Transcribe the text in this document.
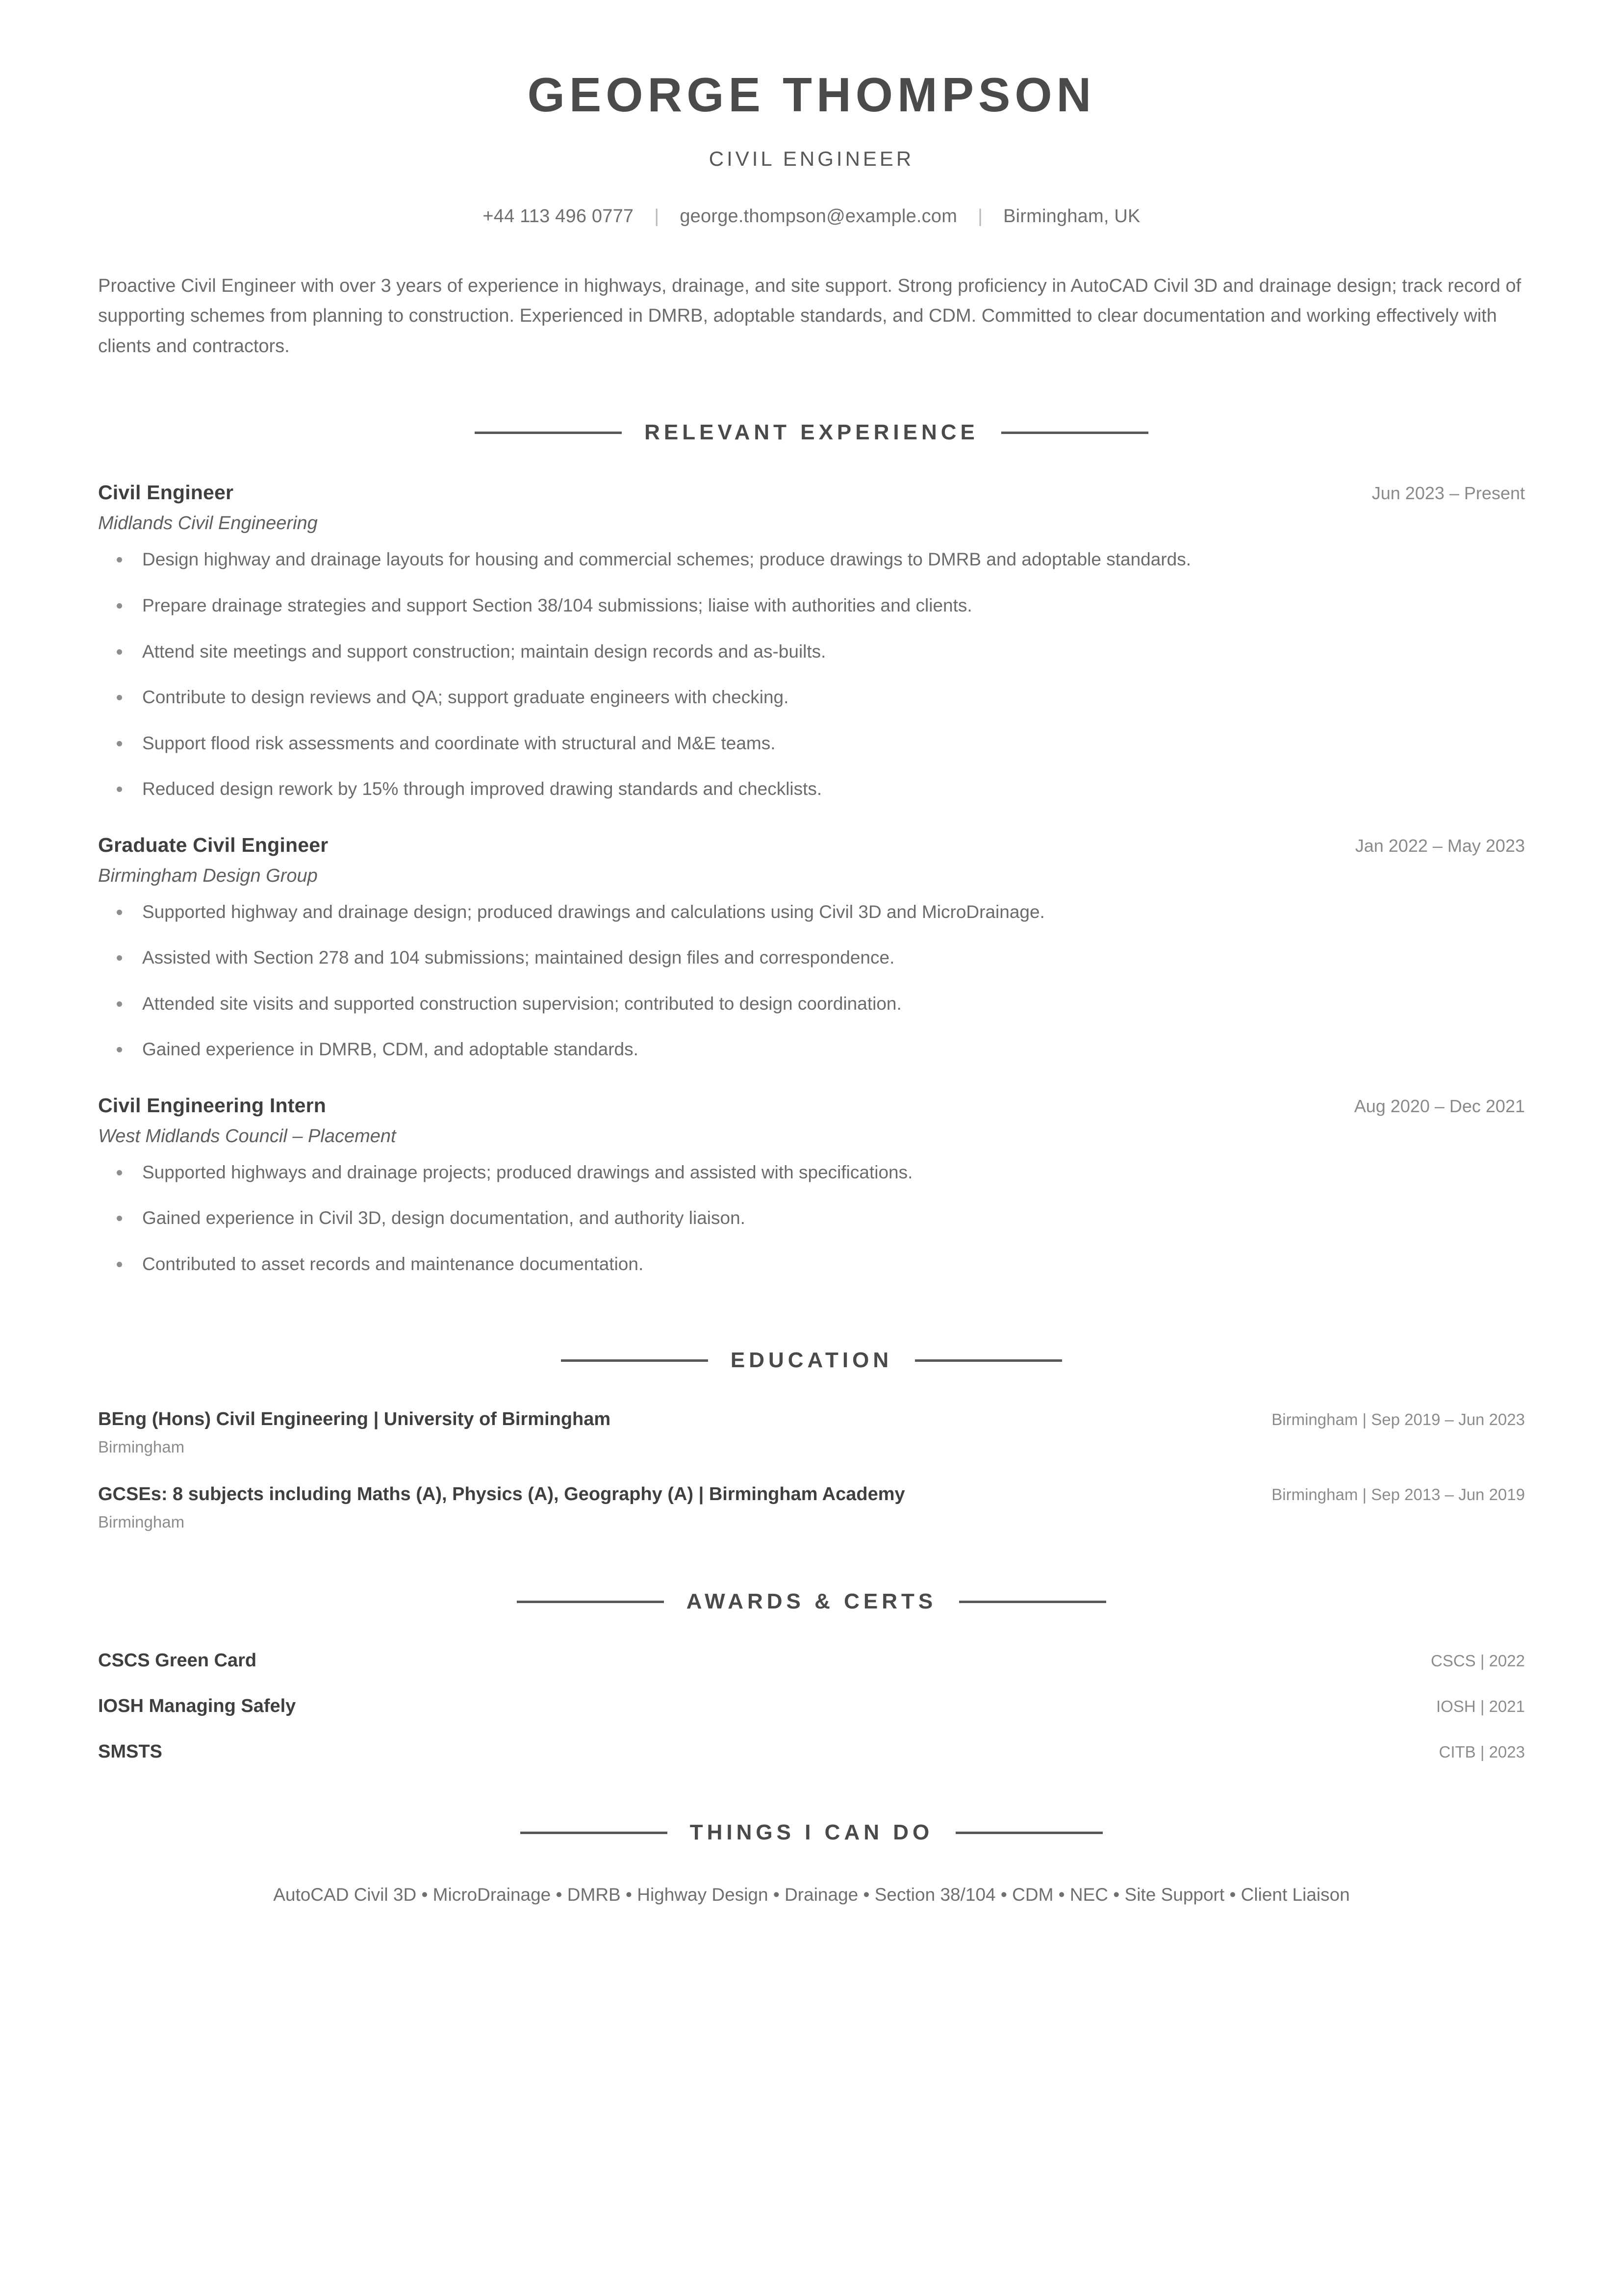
GEORGE THOMPSON
CIVIL ENGINEER
+44 113 496 0777 | george.thompson@example.com | Birmingham, UK

Proactive Civil Engineer with over 3 years of experience in highways, drainage, and site support. Strong proficiency in AutoCAD Civil 3D and drainage design; track record of supporting schemes from planning to construction. Experienced in DMRB, adoptable standards, and CDM. Committed to clear documentation and working effectively with clients and contractors.

RELEVANT EXPERIENCE
Civil Engineer	Jun 2023 – Present
Midlands Civil Engineering
Design highway and drainage layouts for housing and commercial schemes; produce drawings to DMRB and adoptable standards.
Prepare drainage strategies and support Section 38/104 submissions; liaise with authorities and clients.
Attend site meetings and support construction; maintain design records and as-builts.
Contribute to design reviews and QA; support graduate engineers with checking.
Support flood risk assessments and coordinate with structural and M&E teams.
Reduced design rework by 15% through improved drawing standards and checklists.
Graduate Civil Engineer	Jan 2022 – May 2023
Birmingham Design Group
Supported highway and drainage design; produced drawings and calculations using Civil 3D and MicroDrainage.
Assisted with Section 278 and 104 submissions; maintained design files and correspondence.
Attended site visits and supported construction supervision; contributed to design coordination.
Gained experience in DMRB, CDM, and adoptable standards.
Civil Engineering Intern	Aug 2020 – Dec 2021
West Midlands Council – Placement
Supported highways and drainage projects; produced drawings and assisted with specifications.
Gained experience in Civil 3D, design documentation, and authority liaison.
Contributed to asset records and maintenance documentation.
EDUCATION
BEng (Hons) Civil Engineering | University of Birmingham	Birmingham | Sep 2019 – Jun 2023
Birmingham
GCSEs: 8 subjects including Maths (A), Physics (A), Geography (A) | Birmingham Academy	Birmingham | Sep 2013 – Jun 2019
Birmingham
AWARDS & CERTS
CSCS Green Card	CSCS | 2022
IOSH Managing Safely	IOSH | 2021
SMSTS	CITB | 2023
THINGS I CAN DO
AutoCAD Civil 3D • MicroDrainage • DMRB • Highway Design • Drainage • Section 38/104 • CDM • NEC • Site Support • Client Liaison
